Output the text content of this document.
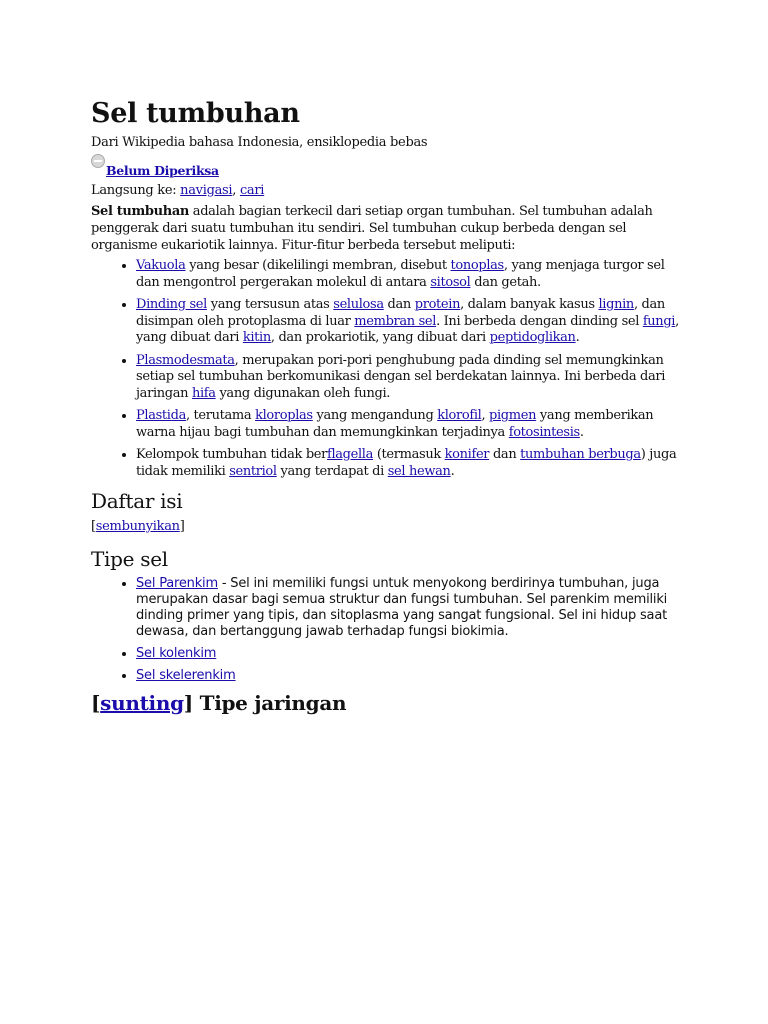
Sel tumbuhan
Dari Wikipedia bahasa Indonesia, ensiklopedia bebas
Belum Diperiksa
Langsung ke: navigasi, cari

Sel tumbuhan adalah bagian terkecil dari setiap organ tumbuhan. Sel tumbuhan adalah penggerak dari suatu tumbuhan itu sendiri. Sel tumbuhan cukup berbeda dengan sel organisme eukariotik lainnya. Fitur-fitur berbeda tersebut meliputi:

• Vakuola yang besar (dikelilingi membran, disebut tonoplas, yang menjaga turgor sel dan mengontrol pergerakan molekul di antara sitosol dan getah.
• Dinding sel yang tersusun atas selulosa dan protein, dalam banyak kasus lignin, dan disimpan oleh protoplasma di luar membran sel. Ini berbeda dengan dinding sel fungi, yang dibuat dari kitin, dan prokariotik, yang dibuat dari peptidoglikan.
• Plasmodesmata, merupakan pori-pori penghubung pada dinding sel memungkinkan setiap sel tumbuhan berkomunikasi dengan sel berdekatan lainnya. Ini berbeda dari jaringan hifa yang digunakan oleh fungi.
• Plastida, terutama kloroplas yang mengandung klorofil, pigmen yang memberikan warna hijau bagi tumbuhan dan memungkinkan terjadinya fotosintesis.
• Kelompok tumbuhan tidak berflagella (termasuk konifer dan tumbuhan berbuga) juga tidak memiliki sentriol yang terdapat di sel hewan.
Daftar isi
[sembunyikan]
Tipe sel
• Sel Parenkim - Sel ini memiliki fungsi untuk menyokong berdirinya tumbuhan, juga merupakan dasar bagi semua struktur dan fungsi tumbuhan. Sel parenkim memiliki dinding primer yang tipis, dan sitoplasma yang sangat fungsional. Sel ini hidup saat dewasa, dan bertanggung jawab terhadap fungsi biokimia.
• Sel kolenkim
• Sel skelerenkim
[sunting] Tipe jaringan
